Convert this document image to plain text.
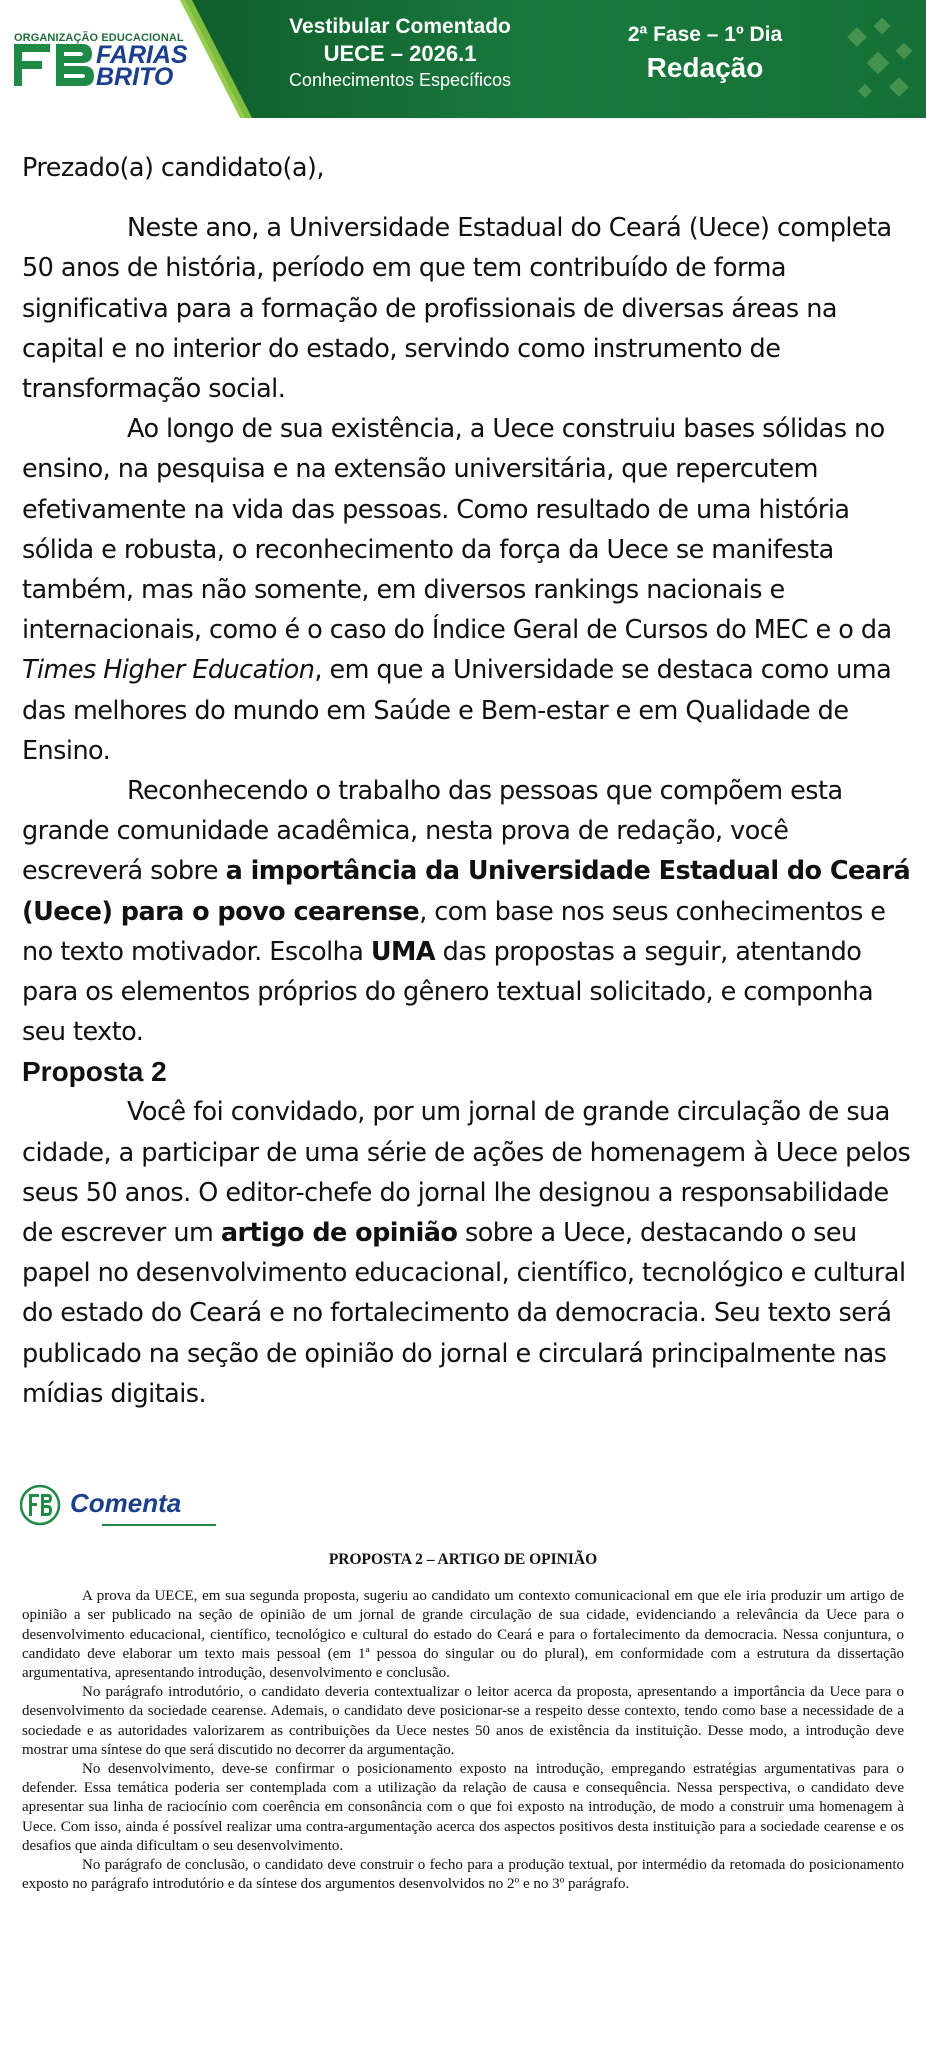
ORGANIZAÇÃO EDUCACIONAL
FARIAS
BRITO
Vestibular Comentado
UECE – 2026.1
Conhecimentos Específicos
2ª Fase – 1º Dia
Redação

Prezado(a) candidato(a),

Neste ano, a Universidade Estadual do Ceará (Uece) completa 50 anos de história, período em que tem contribuído de forma significativa para a formação de profissionais de diversas áreas na capital e no interior do estado, servindo como instrumento de transformação social.

Ao longo de sua existência, a Uece construiu bases sólidas no ensino, na pesquisa e na extensão universitária, que repercutem efetivamente na vida das pessoas. Como resultado de uma história sólida e robusta, o reconhecimento da força da Uece se manifesta também, mas não somente, em diversos rankings nacionais e internacionais, como é o caso do Índice Geral de Cursos do MEC e o da Times Higher Education, em que a Universidade se destaca como uma das melhores do mundo em Saúde e Bem-estar e em Qualidade de Ensino.

Reconhecendo o trabalho das pessoas que compõem esta grande comunidade acadêmica, nesta prova de redação, você escreverá sobre a importância da Universidade Estadual do Ceará (Uece) para o povo cearense, com base nos seus conhecimentos e no texto motivador. Escolha UMA das propostas a seguir, atentando para os elementos próprios do gênero textual solicitado, e componha seu texto.

Proposta 2

Você foi convidado, por um jornal de grande circulação de sua cidade, a participar de uma série de ações de homenagem à Uece pelos seus 50 anos. O editor-chefe do jornal lhe designou a responsabilidade de escrever um artigo de opinião sobre a Uece, destacando o seu papel no desenvolvimento educacional, científico, tecnológico e cultural do estado do Ceará e no fortalecimento da democracia. Seu texto será publicado na seção de opinião do jornal e circulará principalmente nas mídias digitais.

Comenta
PROPOSTA 2 – ARTIGO DE OPINIÃO

A prova da UECE, em sua segunda proposta, sugeriu ao candidato um contexto comunicacional em que ele iria produzir um artigo de opinião a ser publicado na seção de opinião de um jornal de grande circulação de sua cidade, evidenciando a relevância da Uece para o desenvolvimento educacional, científico, tecnológico e cultural do estado do Ceará e para o fortalecimento da democracia. Nessa conjuntura, o candidato deve elaborar um texto mais pessoal (em 1ª pessoa do singular ou do plural), em conformidade com a estrutura da dissertação argumentativa, apresentando introdução, desenvolvimento e conclusão.

No parágrafo introdutório, o candidato deveria contextualizar o leitor acerca da proposta, apresentando a importância da Uece para o desenvolvimento da sociedade cearense. Ademais, o candidato deve posicionar-se a respeito desse contexto, tendo como base a necessidade de a sociedade e as autoridades valorizarem as contribuições da Uece nestes 50 anos de existência da instituição. Desse modo, a introdução deve mostrar uma síntese do que será discutido no decorrer da argumentação.

No desenvolvimento, deve-se confirmar o posicionamento exposto na introdução, empregando estratégias argumentativas para o defender. Essa temática poderia ser contemplada com a utilização da relação de causa e consequência. Nessa perspectiva, o candidato deve apresentar sua linha de raciocínio com coerência em consonância com o que foi exposto na introdução, de modo a construir uma homenagem à Uece. Com isso, ainda é possível realizar uma contra-argumentação acerca dos aspectos positivos desta instituição para a sociedade cearense e os desafios que ainda dificultam o seu desenvolvimento.

No parágrafo de conclusão, o candidato deve construir o fecho para a produção textual, por intermédio da retomada do posicionamento exposto no parágrafo introdutório e da síntese dos argumentos desenvolvidos no 2º e no 3º parágrafo.
